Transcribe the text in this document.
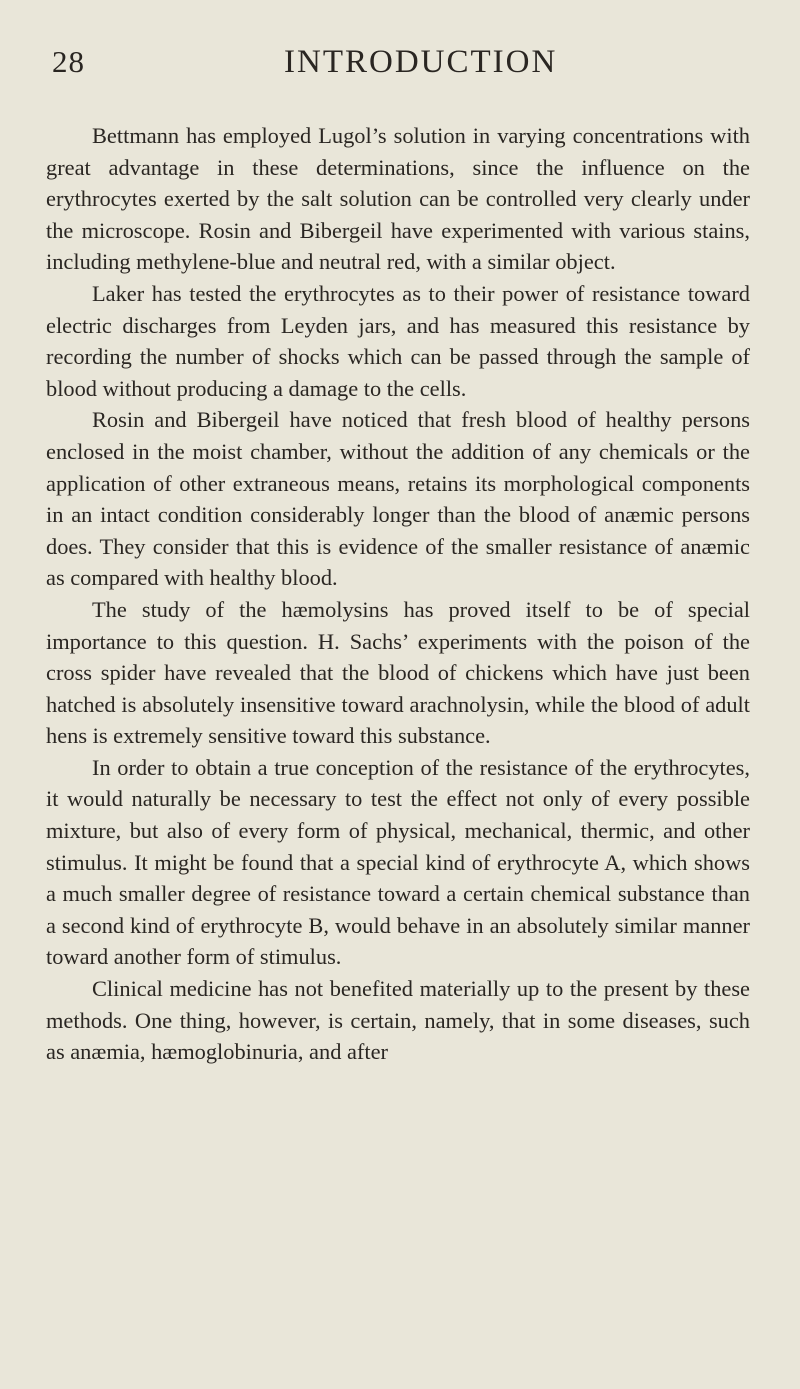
28	INTRODUCTION

Bettmann has employed Lugol’s solution in varying concentrations with great advantage in these determinations, since the influence on the erythrocytes exerted by the salt solution can be controlled very clearly under the microscope. Rosin and Bibergeil have experimented with various stains, including methylene-blue and neutral red, with a similar object.

Laker has tested the erythrocytes as to their power of resistance toward electric discharges from Leyden jars, and has measured this resistance by recording the number of shocks which can be passed through the sample of blood without producing a damage to the cells.

Rosin and Bibergeil have noticed that fresh blood of healthy persons enclosed in the moist chamber, without the addition of any chemicals or the application of other extraneous means, retains its morphological components in an intact condition considerably longer than the blood of anæmic persons does. They consider that this is evidence of the smaller resistance of anæmic as compared with healthy blood.

The study of the hæmolysins has proved itself to be of special importance to this question. H. Sachs’ experiments with the poison of the cross spider have revealed that the blood of chickens which have just been hatched is absolutely insensitive toward arachnolysin, while the blood of adult hens is extremely sensitive toward this substance.

In order to obtain a true conception of the resistance of the erythrocytes, it would naturally be necessary to test the effect not only of every possible mixture, but also of every form of physical, mechanical, thermic, and other stimulus. It might be found that a special kind of erythrocyte A, which shows a much smaller degree of resistance toward a certain chemical substance than a second kind of erythrocyte B, would behave in an absolutely similar manner toward another form of stimulus.

Clinical medicine has not benefited materially up to the present by these methods. One thing, however, is certain, namely, that in some diseases, such as anæmia, hæmoglobinuria, and after
